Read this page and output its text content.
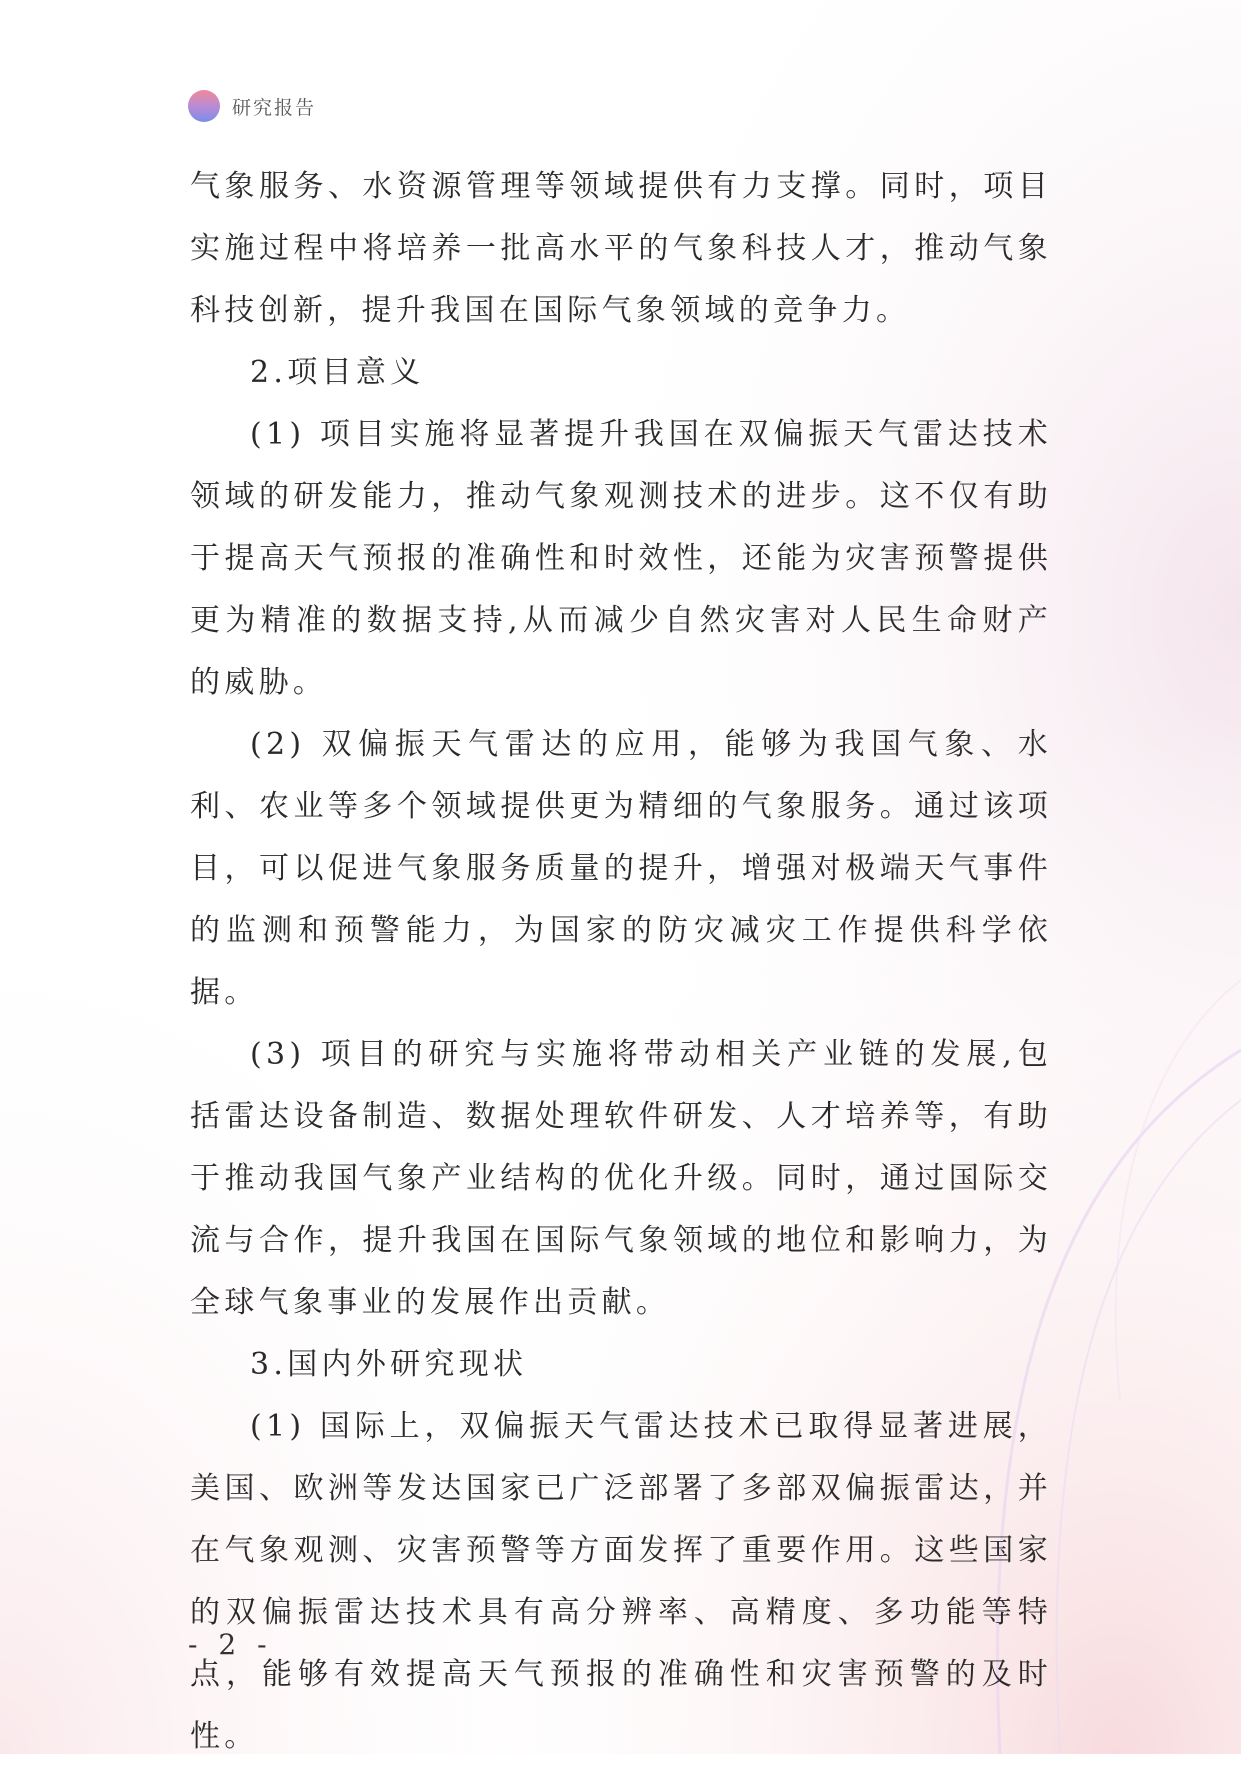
研究报告

气象服务、水资源管理等领域提供有力支撑。同时，项目实施过程中将培养一批高水平的气象科技人才，推动气象科技创新，提升我国在国际气象领域的竞争力。

2.项目意义

(1) 项目实施将显著提升我国在双偏振天气雷达技术领域的研发能力，推动气象观测技术的进步。这不仅有助于提高天气预报的准确性和时效性，还能为灾害预警提供更为精准的数据支持,从而减少自然灾害对人民生命财产的威胁。

(2) 双偏振天气雷达的应用，能够为我国气象、水利、农业等多个领域提供更为精细的气象服务。通过该项目，可以促进气象服务质量的提升，增强对极端天气事件的监测和预警能力，为国家的防灾减灾工作提供科学依据。

(3) 项目的研究与实施将带动相关产业链的发展,包括雷达设备制造、数据处理软件研发、人才培养等，有助于推动我国气象产业结构的优化升级。同时，通过国际交流与合作，提升我国在国际气象领域的地位和影响力，为全球气象事业的发展作出贡献。

3.国内外研究现状

(1) 国际上，双偏振天气雷达技术已取得显著进展，美国、欧洲等发达国家已广泛部署了多部双偏振雷达，并在气象观测、灾害预警等方面发挥了重要作用。这些国家的双偏振雷达技术具有高分辨率、高精度、多功能等特点，能够有效提高天气预报的准确性和灾害预警的及时性。

- 2 -
